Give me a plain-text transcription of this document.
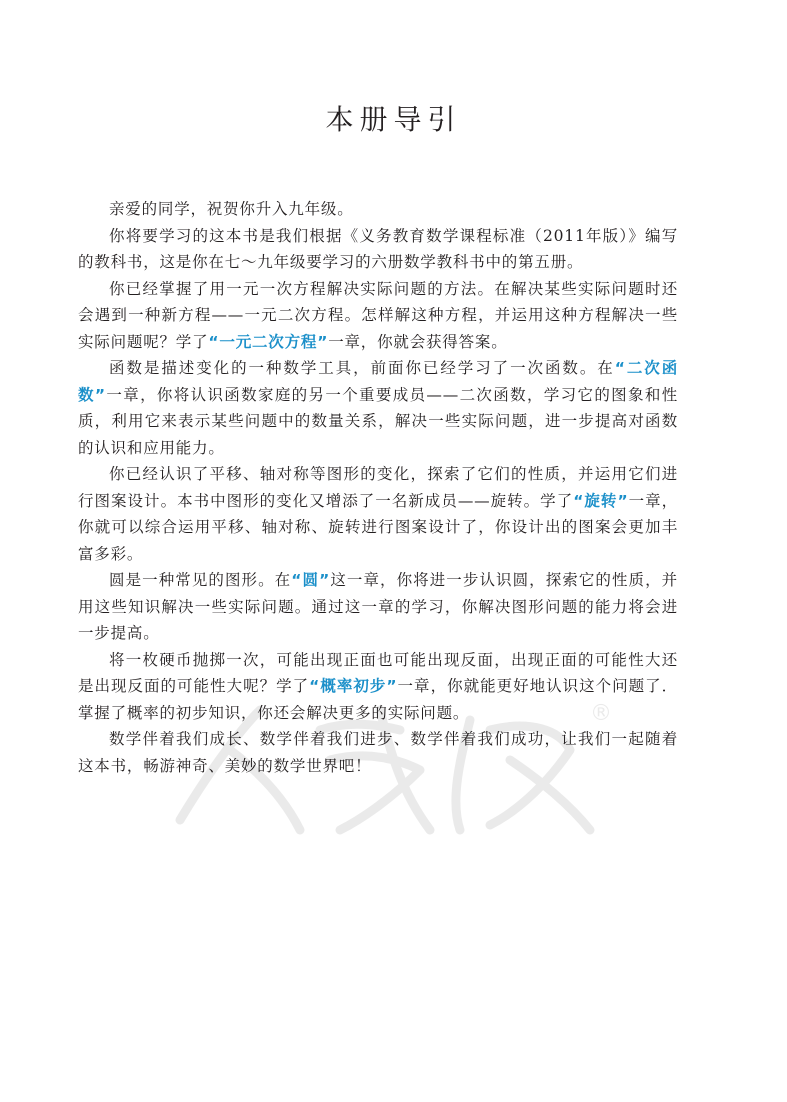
本册导引

亲爱的同学，祝贺你升入九年级。

你将要学习的这本书是我们根据《义务教育数学课程标准（2011年版）》编写的教科书，这是你在七～九年级要学习的六册数学教科书中的第五册。

你已经掌握了用一元一次方程解决实际问题的方法。在解决某些实际问题时还会遇到一种新方程——一元二次方程。怎样解这种方程，并运用这种方程解决一些实际问题呢？学了“一元二次方程”一章，你就会获得答案。

函数是描述变化的一种数学工具，前面你已经学习了一次函数。在“二次函数”一章，你将认识函数家庭的另一个重要成员——二次函数，学习它的图象和性质，利用它来表示某些问题中的数量关系，解决一些实际问题，进一步提高对函数的认识和应用能力。

你已经认识了平移、轴对称等图形的变化，探索了它们的性质，并运用它们进行图案设计。本书中图形的变化又增添了一名新成员——旋转。学了“旋转”一章，你就可以综合运用平移、轴对称、旋转进行图案设计了，你设计出的图案会更加丰富多彩。

圆是一种常见的图形。在“圆”这一章，你将进一步认识圆，探索它的性质，并用这些知识解决一些实际问题。通过这一章的学习，你解决图形问题的能力将会进一步提高。

将一枚硬币抛掷一次，可能出现正面也可能出现反面，出现正面的可能性大还是出现反面的可能性大呢？学了“概率初步”一章，你就能更好地认识这个问题了．掌握了概率的初步知识，你还会解决更多的实际问题。

数学伴着我们成长、数学伴着我们进步、数学伴着我们成功，让我们一起随着这本书，畅游神奇、美妙的数学世界吧！

®
